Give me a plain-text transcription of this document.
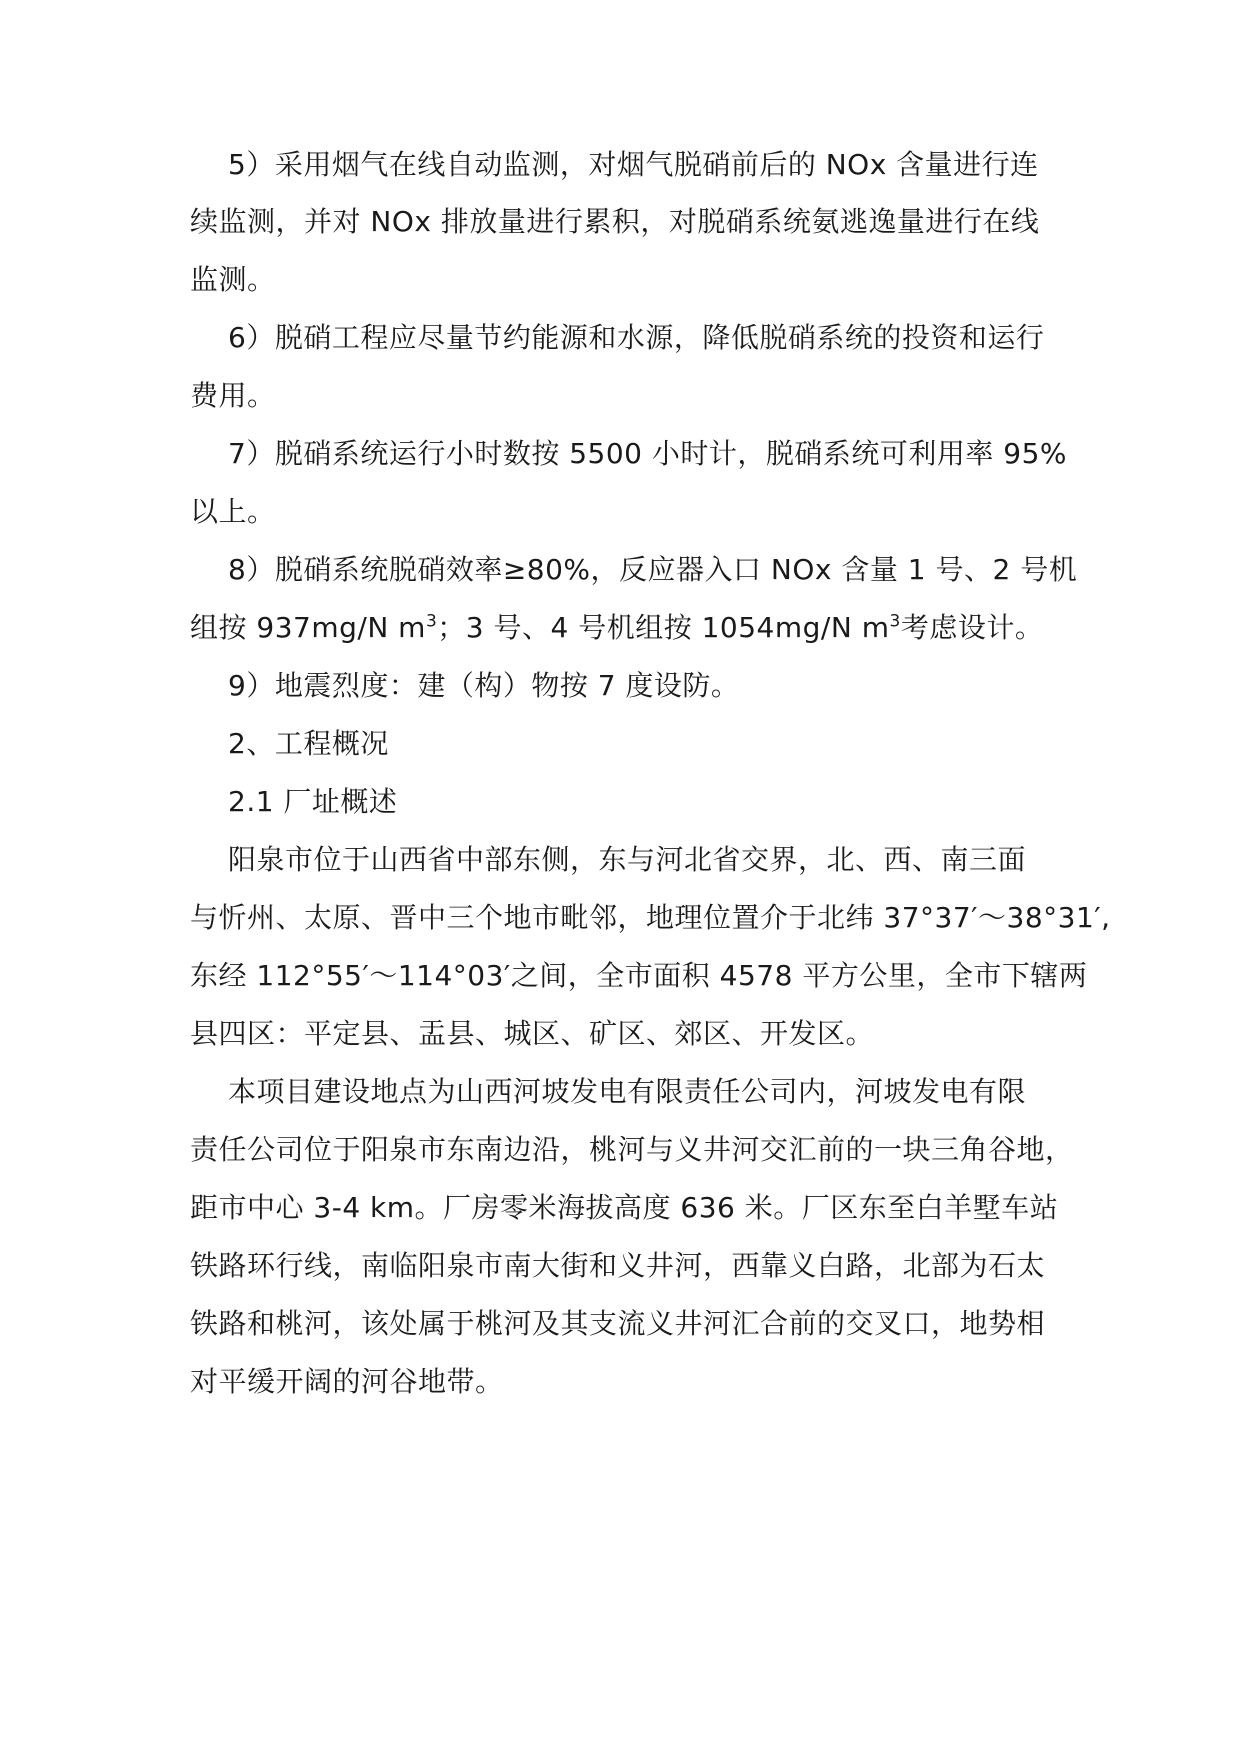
5）采用烟气在线自动监测，对烟气脱硝前后的 NOx 含量进行连
续监测，并对 NOx 排放量进行累积，对脱硝系统氨逃逸量进行在线
监测。
6）脱硝工程应尽量节约能源和水源，降低脱硝系统的投资和运行
费用。
7）脱硝系统运行小时数按 5500 小时计，脱硝系统可利用率 95%
以上。
8）脱硝系统脱硝效率≥80%，反应器入口 NOx 含量 1 号、2 号机
组按 937mg/N $m^3$；3 号、4 号机组按 1054mg/N $m^3$考虑设计。
9）地震烈度：建（构）物按 7 度设防。
2、工程概况
2.1 厂址概述
阳泉市位于山西省中部东侧，东与河北省交界，北、西、南三面
与忻州、太原、晋中三个地市毗邻，地理位置介于北纬 37°37′～38°31′,
东经 112°55′～114°03′之间，全市面积 4578 平方公里，全市下辖两
县四区：平定县、盂县、城区、矿区、郊区、开发区。
本项目建设地点为山西河坡发电有限责任公司内，河坡发电有限
责任公司位于阳泉市东南边沿，桃河与义井河交汇前的一块三角谷地，
距市中心 3-4 km。厂房零米海拔高度 636 米。厂区东至白羊墅车站
铁路环行线，南临阳泉市南大街和义井河，西靠义白路，北部为石太
铁路和桃河，该处属于桃河及其支流义井河汇合前的交叉口，地势相
对平缓开阔的河谷地带。
